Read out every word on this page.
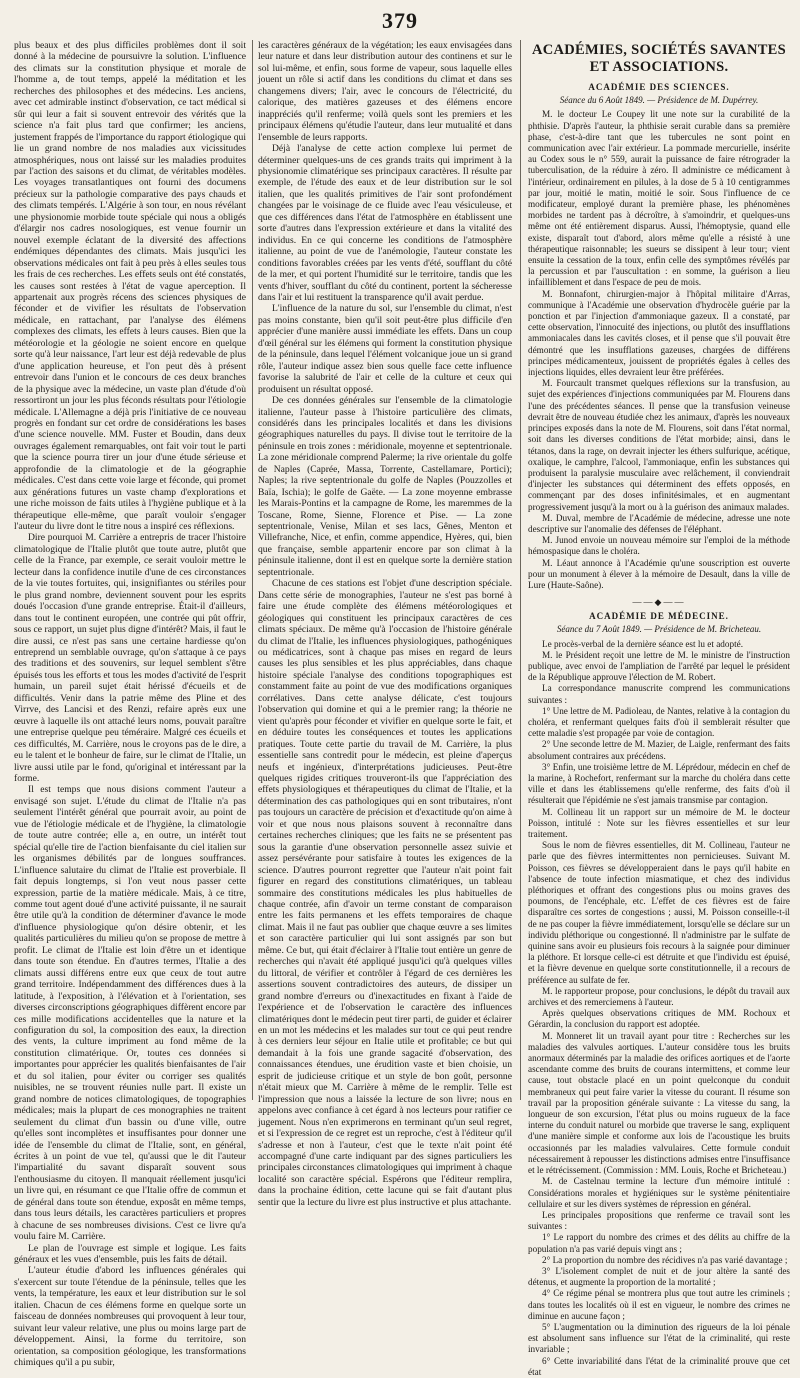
379

plus beaux et des plus difficiles problèmes dont il soit donné à la médecine de poursuivre la solution. L'influence des climats sur la constitution physique et morale de l'homme a, de tout temps, appelé la méditation et les recherches des philosophes et des médecins. Les anciens, avec cet admirable instinct d'observation, ce tact médical si sûr qui leur a fait si souvent entrevoir des vérités que la science n'a fait plus tard que confirmer; les anciens, justement frappés de l'importance du rapport étiologique qui lie un grand nombre de nos maladies aux vicissitudes atmosphériques, nous ont laissé sur les maladies produites par l'action des saisons et du climat, de véritables modèles. Les voyages transatlantiques ont fourni des documens précieux sur la pathologie comparative des pays chauds et des climats tempérés. L'Algérie à son tour, en nous révélant une physionomie morbide toute spéciale qui nous a obligés d'élargir nos cadres nosologiques, est venue fournir un nouvel exemple éclatant de la diversité des affections endémiques dépendantes des climats. Mais jusqu'ici les observations médicales ont fait à peu près à elles seules tous les frais de ces recherches. Les effets seuls ont été constatés, les causes sont restées à l'état de vague aperception. Il appartenait aux progrès récens des sciences physiques de féconder et de vivifier les résultats de l'observation médicale, en rattachant, par l'analyse des élémens complexes des climats, les effets à leurs causes. Bien que la météorologie et la géologie ne soient encore en quelque sorte qu'à leur naissance, l'art leur est déjà redevable de plus d'une application heureuse, et l'on peut dès à présent entrevoir dans l'union et le concours de ces deux branches de la physique avec la médecine, un vaste plan d'étude d'où ressortiront un jour les plus féconds résultats pour l'étiologie médicale. L'Allemagne a déjà pris l'initiative de ce nouveau progrès en fondant sur cet ordre de considérations les bases d'une science nouvelle. MM. Fuster et Boudin, dans deux ouvrages également remarquables, ont fait voir tout le parti que la science pourra tirer un jour d'une étude sérieuse et approfondie de la climatologie et de la géographie médicales. C'est dans cette voie large et féconde, qui promet aux générations futures un vaste champ d'explorations et une riche moisson de faits utiles à l'hygiène publique et à la thérapeutique elle-même, que paraît vouloir s'engager l'auteur du livre dont le titre nous a inspiré ces réflexions.

Dire pourquoi M. Carrière a entrepris de tracer l'histoire climatologique de l'Italie plutôt que toute autre, plutôt que celle de la France, par exemple, ce serait vouloir mettre le lecteur dans la confidence inutile d'une de ces circonstances de la vie toutes fortuites, qui, insignifiantes ou stériles pour le plus grand nombre, deviennent souvent pour les esprits doués l'occasion d'une grande entreprise. Était-il d'ailleurs, dans tout le continent européen, une contrée qui pût offrir, sous ce rapport, un sujet plus digne d'intérêt? Mais, il faut le dire aussi, ce n'est pas sans une certaine hardiesse qu'on entreprend un semblable ouvrage, qu'on s'attaque à ce pays des traditions et des souvenirs, sur lequel semblent s'être épuisés tous les efforts et tous les modes d'activité de l'esprit humain, un pareil sujet était hérissé d'écueils et de difficultés. Venir dans la patrie même des Pline et des Virrve, des Lancisi et des Renzi, refaire après eux une œuvre à laquelle ils ont attaché leurs noms, pouvait paraître une entreprise quelque peu téméraire. Malgré ces écueils et ces difficultés, M. Carrière, nous le croyons pas de le dire, a eu le talent et le bonheur de faire, sur le climat de l'Italie, un livre aussi utile par le fond, qu'original et intéressant par la forme.

Il est temps que nous disions comment l'auteur a envisagé son sujet. L'étude du climat de l'Italie n'a pas seulement l'intérêt général que pourrait avoir, au point de vue de l'étiologie médicale et de l'hygiène, la climatologie de toute autre contrée; elle a, en outre, un intérêt tout spécial qu'elle tire de l'action bienfaisante du ciel italien sur les organismes débilités par de longues souffrances. L'influence salutaire du climat de l'Italie est proverbiale. Il fait depuis longtemps, si l'on veut nous passer cette expression, partie de la matière médicale. Mais, à ce titre, comme tout agent doué d'une activité puissante, il ne saurait être utile qu'à la condition de déterminer d'avance le mode d'influence physiologique qu'on désire obtenir, et les qualités particulières du milieu qu'on se propose de mettre à profit. Le climat de l'Italie est loin d'être un et identique dans toute son étendue. En d'autres termes, l'Italie a des climats aussi différens entre eux que ceux de tout autre grand territoire. Indépendamment des différences dues à la latitude, à l'exposition, à l'élévation et à l'orientation, ses diverses circonscriptions géographiques diffèrent encore par ces mille modifications accidentelles que la nature et la configuration du sol, la composition des eaux, la direction des vents, la culture impriment au fond même de la constitution climatérique. Or, toutes ces données si importantes pour apprécier les qualités bienfaisantes de l'air et du sol italien, pour éviter ou corriger ses qualités nuisibles, ne se trouvent réunies nulle part. Il existe un grand nombre de notices climatologiques, de topographies médicales; mais la plupart de ces monographies ne traitent seulement du climat d'un bassin ou d'une ville, outre qu'elles sont incomplètes et insuffisantes pour donner une idée de l'ensemble du climat de l'Italie, sont, en général, écrites à un point de vue tel, qu'aussi que le dit l'auteur l'impartialité du savant disparaît souvent sous l'enthousiasme du citoyen. Il manquait réellement jusqu'ici un livre qui, en résumant ce que l'Italie offre de commun et de général dans toute son étendue, exposât en même temps, dans tous leurs détails, les caractères particuliers et propres à chacune de ses nombreuses divisions. C'est ce livre qu'a voulu faire M. Carrière.

Le plan de l'ouvrage est simple et logique. Les faits généraux et les vues d'ensemble, puis les faits de détail.

L'auteur étudie d'abord les influences générales qui s'exercent sur toute l'étendue de la péninsule, telles que les vents, la température, les eaux et leur distribution sur le sol italien. Chacun de ces élémens forme en quelque sorte un faisceau de données nombreuses qui provoquent à leur tour, suivant leur valeur relative, une plus ou moins large part de développement. Ainsi, la forme du territoire, son orientation, sa composition géologique, les transformations chimiques qu'il a pu subir,

les caractères généraux de la végétation; les eaux envisagées dans leur nature et dans leur distribution autour des continens et sur le sol lui-même, et enfin, sous forme de vapeur, sous laquelle elles jouent un rôle si actif dans les conditions du climat et dans ses changemens divers; l'air, avec le concours de l'électricité, du calorique, des matières gazeuses et des élémens encore inappréciés qu'il renferme; voilà quels sont les premiers et les principaux élémens qu'étudie l'auteur, dans leur mutualité et dans l'ensemble de leurs rapports.

Déjà l'analyse de cette action complexe lui permet de déterminer quelques-uns de ces grands traits qui impriment à la physionomie climatérique ses principaux caractères. Il résulte par exemple, de l'étude des eaux et de leur distribution sur le sol italien, que les qualités primitives de l'air sont profondément changées par le voisinage de ce fluide avec l'eau vésiculeuse, et que ces différences dans l'état de l'atmosphère en établissent une sorte d'autres dans l'expression extérieure et dans la vitalité des individus. En ce qui concerne les conditions de l'atmosphère italienne, au point de vue de l'anémologie, l'auteur constate les conditions favorables créées par les vents d'été, soufflant du côté de la mer, et qui portent l'humidité sur le territoire, tandis que les vents d'hiver, soufflant du côté du continent, portent la sécheresse dans l'air et lui restituent la transparence qu'il avait perdue.

L'influence de la nature du sol, sur l'ensemble du climat, n'est pas moins constante, bien qu'il soit peut-être plus difficile d'en apprécier d'une manière aussi immédiate les effets. Dans un coup d'œil général sur les élémens qui forment la constitution physique de la péninsule, dans lequel l'élément volcanique joue un si grand rôle, l'auteur indique assez bien sous quelle face cette influence favorise la salubrité de l'air et celle de la culture et ceux qui produisent un résultat opposé.

De ces données générales sur l'ensemble de la climatologie italienne, l'auteur passe à l'histoire particulière des climats, considérés dans les principales localités et dans les divisions géographiques naturelles du pays. Il divise tout le territoire de la péninsule en trois zones : méridionale, moyenne et septentrionale. La zone méridionale comprend Palerme; la rive orientale du golfe de Naples (Caprée, Massa, Torrente, Castellamare, Portici); Naples; la rive septentrionale du golfe de Naples (Pouzzolles et Baïa, Ischia); le golfe de Gaëte. — La zone moyenne embrasse les Marais-Pontins et la campagne de Rome, les maremmes de la Toscane, Rome, Sienne, Florence et Pise. — La zone septentrionale, Venise, Milan et ses lacs, Gênes, Menton et Villefranche, Nice, et enfin, comme appendice, Hyères, qui, bien que française, semble appartenir encore par son climat à la péninsule italienne, dont il est en quelque sorte la dernière station septentrionale.

Chacune de ces stations est l'objet d'une description spéciale. Dans cette série de monographies, l'auteur ne s'est pas borné à faire une étude complète des élémens météorologiques et géologiques qui constituent les principaux caractères de ces climats spéciaux. De même qu'à l'occasion de l'histoire générale du climat de l'Italie, les influences physiologiques, pathogéniques ou médicatrices, sont à chaque pas mises en regard de leurs causes les plus sensibles et les plus appréciables, dans chaque histoire spéciale l'analyse des conditions topographiques est constamment faite au point de vue des modifications organiques corrélatives. Dans cette analyse délicate, c'est toujours l'observation qui domine et qui a le premier rang; la théorie ne vient qu'après pour féconder et vivifier en quelque sorte le fait, et en déduire toutes les conséquences et toutes les applications pratiques. Toute cette partie du travail de M. Carrière, la plus essentielle sans contredit pour le médecin, est pleine d'aperçus neufs et ingénieux, d'interprétations judicieuses. Peut-être quelques rigides critiques trouveront-ils que l'appréciation des effets physiologiques et thérapeutiques du climat de l'Italie, et la détermination des cas pathologiques qui en sont tributaires, n'ont pas toujours un caractère de précision et d'exactitude qu'on aime à voir et que nous nous plaisons souvent à reconnaître dans certaines recherches cliniques; que les faits ne se présentent pas sous la garantie d'une observation personnelle assez suivie et assez persévérante pour satisfaire à toutes les exigences de la science. D'autres pourront regretter que l'auteur n'ait point fait figurer en regard des constitutions climatériques, un tableau sommaire des constitutions médicales les plus habituelles de chaque contrée, afin d'avoir un terme constant de comparaison entre les faits permanens et les effets temporaires de chaque climat. Mais il ne faut pas oublier que chaque œuvre a ses limites et son caractère particulier qui lui sont assignés par son but même. Ce but, qui était d'éclairer à l'Italie tout entière un genre de recherches qui n'avait été appliqué jusqu'ici qu'à quelques villes du littoral, de vérifier et contrôler à l'égard de ces dernières les assertions souvent contradictoires des auteurs, de dissiper un grand nombre d'erreurs ou d'inexactitudes en fixant à l'aide de l'expérience et de l'observation le caractère des influences climatériques dont le médecin peut tirer parti, de guider et éclairer en un mot les médecins et les malades sur tout ce qui peut rendre à ces derniers leur séjour en Italie utile et profitable; ce but qui demandait à la fois une grande sagacité d'observation, des connaissances étendues, une érudition vaste et bien choisie, un esprit de judicieuse critique et un style de bon goût, personne n'était mieux que M. Carrière à même de le remplir. Telle est l'impression que nous a laissée la lecture de son livre; nous en appelons avec confiance à cet égard à nos lecteurs pour ratifier ce jugement. Nous n'en exprimerons en terminant qu'un seul regret, et si l'expression de ce regret est un reproche, c'est à l'éditeur qu'il s'adresse et non à l'auteur, c'est que le texte n'ait point été accompagné d'une carte indiquant par des signes particuliers les principales circonstances climatologiques qui impriment à chaque localité son caractère spécial. Espérons que l'éditeur remplira, dans la prochaine édition, cette lacune qui se fait d'autant plus sentir que la lecture du livre est plus instructive et plus attachante.

ACADÉMIES, SOCIÉTÉS SAVANTES ET ASSOCIATIONS.
ACADÉMIE DES SCIENCES.
Séance du 6 Août 1849. — Présidence de M. Dupérrey.

M. le docteur Le Coupey lit une note sur la curabilité de la phthisie. D'après l'auteur, la phthisie serait curable dans sa première phase, c'est-à-dire tant que les tubercules ne sont point en communication avec l'air extérieur. La pommade mercurielle, insérite au Codex sous le n° 559, aurait la puissance de faire rétrograder la tuberculisation, de la réduire à zéro. Il administre ce médicament à l'intérieur, ordinairement en pilules, à la dose de 5 à 10 centigrammes par jour, moitié le matin, moitié le soir. Sous l'influence de ce modificateur, employé durant la première phase, les phénomènes morbides ne tardent pas à décroître, à s'amoindrir, et quelques-uns même ont été entièrement disparus. Aussi, l'hémoptysie, quand elle existe, disparaît tout d'abord, alors même qu'elle a résisté à une thérapeutique raisonnable; les sueurs se dissipent à leur tour; vient ensuite la cessation de la toux, enfin celle des symptômes révélés par la percussion et par l'auscultation : en somme, la guérison a lieu infailliblement et dans l'espace de peu de mois.

M. Bonnafont, chirurgien-major à l'hôpital militaire d'Arras, communique à l'Académie une observation d'hydrocèle guérie par la ponction et par l'injection d'ammoniaque gazeux. Il a constaté, par cette observation, l'innocuité des injections, ou plutôt des insufflations ammoniacales dans les cavités closes, et il pense que s'il pouvait être démontré que les insufflations gazeuses, chargées de différens principes médicamenteux, jouissent de propriétés égales à celles des injections liquides, elles devraient leur être préférées.

M. Fourcault transmet quelques réflexions sur la transfusion, au sujet des expériences d'injections communiquées par M. Flourens dans l'une des précédentes séances. Il pense que la transfusion veineuse devrait être de nouveau étudiée chez les animaux, d'après les nouveaux principes exposés dans la note de M. Flourens, soit dans l'état normal, soit dans les diverses conditions de l'état morbide; ainsi, dans le tétanos, dans la rage, on devrait injecter les éthers sulfurique, acétique, oxalique, le camphre, l'alcool, l'ammoniaque, enfin les substances qui produisent la paralysie musculaire avec relâchement, il conviendrait d'injecter les substances qui déterminent des effets opposés, en commençant par des doses infinitésimales, et en augmentant progressivement jusqu'à la mort ou à la guérison des animaux malades.

M. Duval, membre de l'Académie de médecine, adresse une note descriptive sur l'anomalie des défenses de l'éléphant.

M. Junod envoie un nouveau mémoire sur l'emploi de la méthode hémospasique dans le choléra.

M. Léaut annonce à l'Académie qu'une souscription est ouverte pour un monument à élever à la mémoire de Desault, dans la ville de Lure (Haute-Saône).

——◆——
ACADÉMIE DE MÉDECINE.
Séance du 7 Août 1849. — Présidence de M. Bricheteau.

Le procès-verbal de la dernière séance est lu et adopté.

M. le Président reçoit une lettre de M. le ministre de l'instruction publique, avec envoi de l'ampliation de l'arrêté par lequel le président de la République approuve l'élection de M. Robert.

La correspondance manuscrite comprend les communications suivantes :

1° Une lettre de M. Padioleau, de Nantes, relative à la contagion du choléra, et renfermant quelques faits d'où il semblerait résulter que cette maladie s'est propagée par voie de contagion.

2° Une seconde lettre de M. Mazier, de Laigle, renfermant des faits absolument contraires aux précédens.

3° Enfin, une troisième lettre de M. Léprédour, médecin en chef de la marine, à Rochefort, renfermant sur la marche du choléra dans cette ville et dans les établissemens qu'elle renferme, des faits d'où il résulterait que l'épidémie ne s'est jamais transmise par contagion.

M. Collineau lit un rapport sur un mémoire de M. le docteur Poisson, intitulé : Note sur les fièvres essentielles et sur leur traitement.

Sous le nom de fièvres essentielles, dit M. Collineau, l'auteur ne parle que des fièvres intermittentes non pernicieuses. Suivant M. Poisson, ces fièvres se développeraient dans le pays qu'il habite en l'absence de toute infection miasmatique, et chez des individus pléthoriques et offrant des congestions plus ou moins graves des poumons, de l'encéphale, etc. L'effet de ces fièvres est de faire disparaître ces sortes de congestions ; aussi, M. Poisson conseille-t-il de ne pas couper la fièvre immédiatement, lorsqu'elle se déclare sur un individu pléthorique ou congestionné. Il n'administre par le sulfate de quinine sans avoir eu plusieurs fois recours à la saignée pour diminuer la pléthore. Et lorsque celle-ci est détruite et que l'individu est épuisé, et la fièvre devenue en quelque sorte constitutionnelle, il a recours de préférence au sulfate de fer.

M. le rapporteur propose, pour conclusions, le dépôt du travail aux archives et des remerciemens à l'auteur.

Après quelques observations critiques de MM. Rochoux et Gérardin, la conclusion du rapport est adoptée.

M. Monneret lit un travail ayant pour titre : Recherches sur les maladies des valvules aortiques. L'auteur considère tous les bruits anormaux déterminés par la maladie des orifices aortiques et de l'aorte ascendante comme des bruits de courans intermittens, et comme leur cause, tout obstacle placé en un point quelconque du conduit membraneux qui peut faire varier la vitesse du courant. Il résume son travail par la proposition générale suivante : La vitesse du sang, la longueur de son excursion, l'état plus ou moins rugueux de la face interne du conduit naturel ou morbide que traverse le sang, expliquent d'une manière simple et conforme aux lois de l'acoustique les bruits occasionnés par les maladies valvulaires. Cette formule conduit nécessairement à repousser les distinctions admises entre l'insuffisance et le rétrécissement. (Commission : MM. Louis, Roche et Bricheteau.)

M. de Castelnau termine la lecture d'un mémoire intitulé : Considérations morales et hygiéniques sur le système pénitentiaire cellulaire et sur les divers systèmes de répression en général.

Les principales propositions que renferme ce travail sont les suivantes :

1° Le rapport du nombre des crimes et des délits au chiffre de la population n'a pas varié depuis vingt ans ;

2° La proportion du nombre des récidives n'a pas varié davantage ;

3° L'isolement complet de nuit et de jour altère la santé des détenus, et augmente la proportion de la mortalité ;

4° Ce régime pénal se montrera plus que tout autre les criminels ; dans toutes les localités où il est en vigueur, le nombre des crimes ne diminue en aucune façon ;

5° L'augmentation ou la diminution des rigueurs de la loi pénale est absolument sans influence sur l'état de la criminalité, qui reste invariable ;

6° Cette invariabilité dans l'état de la criminalité prouve que cet état
